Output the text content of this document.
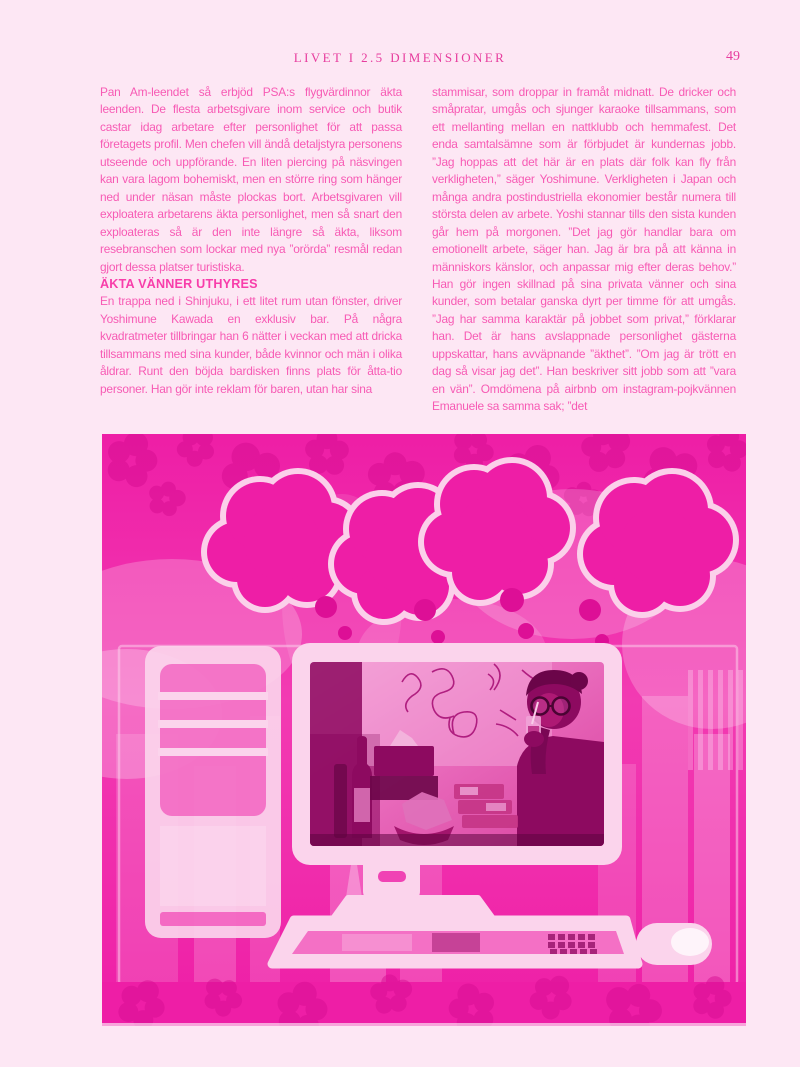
LIVET I 2.5 DIMENSIONER	49

Pan Am-leendet så erbjöd PSA:s flygvärdinnor äkta leenden. De flesta arbetsgivare inom service och butik castar idag arbetare efter personlighet för att passa företagets profil. Men chefen vill ändå detaljstyra personens utseende och uppförande. En liten piercing på näsvingen kan vara lagom bohemiskt, men en större ring som hänger ned under näsan måste plockas bort. Arbetsgivaren vill exploatera arbetarens äkta personlighet, men så snart den exploateras så är den inte längre så äkta, liksom resebranschen som lockar med nya ”orörda” resmål redan gjort dessa platser turistiska.

ÄKTA VÄNNER UTHYRES

En trappa ned i Shinjuku, i ett litet rum utan fönster, driver Yoshimune Kawada en exklusiv bar. På några kvadratmeter tillbringar han 6 nätter i veckan med att dricka tillsammans med sina kunder, både kvinnor och män i olika åldrar. Runt den böjda bardisken finns plats för åtta-tio personer. Han gör inte reklam för baren, utan har sina

stammisar, som droppar in framåt midnatt. De dricker och småpratar, umgås och sjunger karaoke tillsammans, som ett mellanting mellan en nattklubb och hemmafest. Det enda samtalsämne som är förbjudet är kundernas jobb. ”Jag hoppas att det här är en plats där folk kan fly från verkligheten,” säger Yoshimune. Verkligheten i Japan och många andra postindustriella ekonomier består numera till största delen av arbete. Yoshi stannar tills den sista kunden går hem på morgonen. ”Det jag gör handlar bara om emotionellt arbete, säger han. Jag är bra på att känna in människors känslor, och anpassar mig efter deras behov.” Han gör ingen skillnad på sina privata vänner och sina kunder, som betalar ganska dyrt per timme för att umgås. ”Jag har samma karaktär på jobbet som privat,” förklarar han. Det är hans avslappnade personlighet gästerna uppskattar, hans avväpnande ”äkthet”. ”Om jag är trött en dag så visar jag det”. Han beskriver sitt jobb som att ”vara en vän”. Omdömena på airbnb om instagram-pojkvännen Emanuele sa samma sak; ”det
